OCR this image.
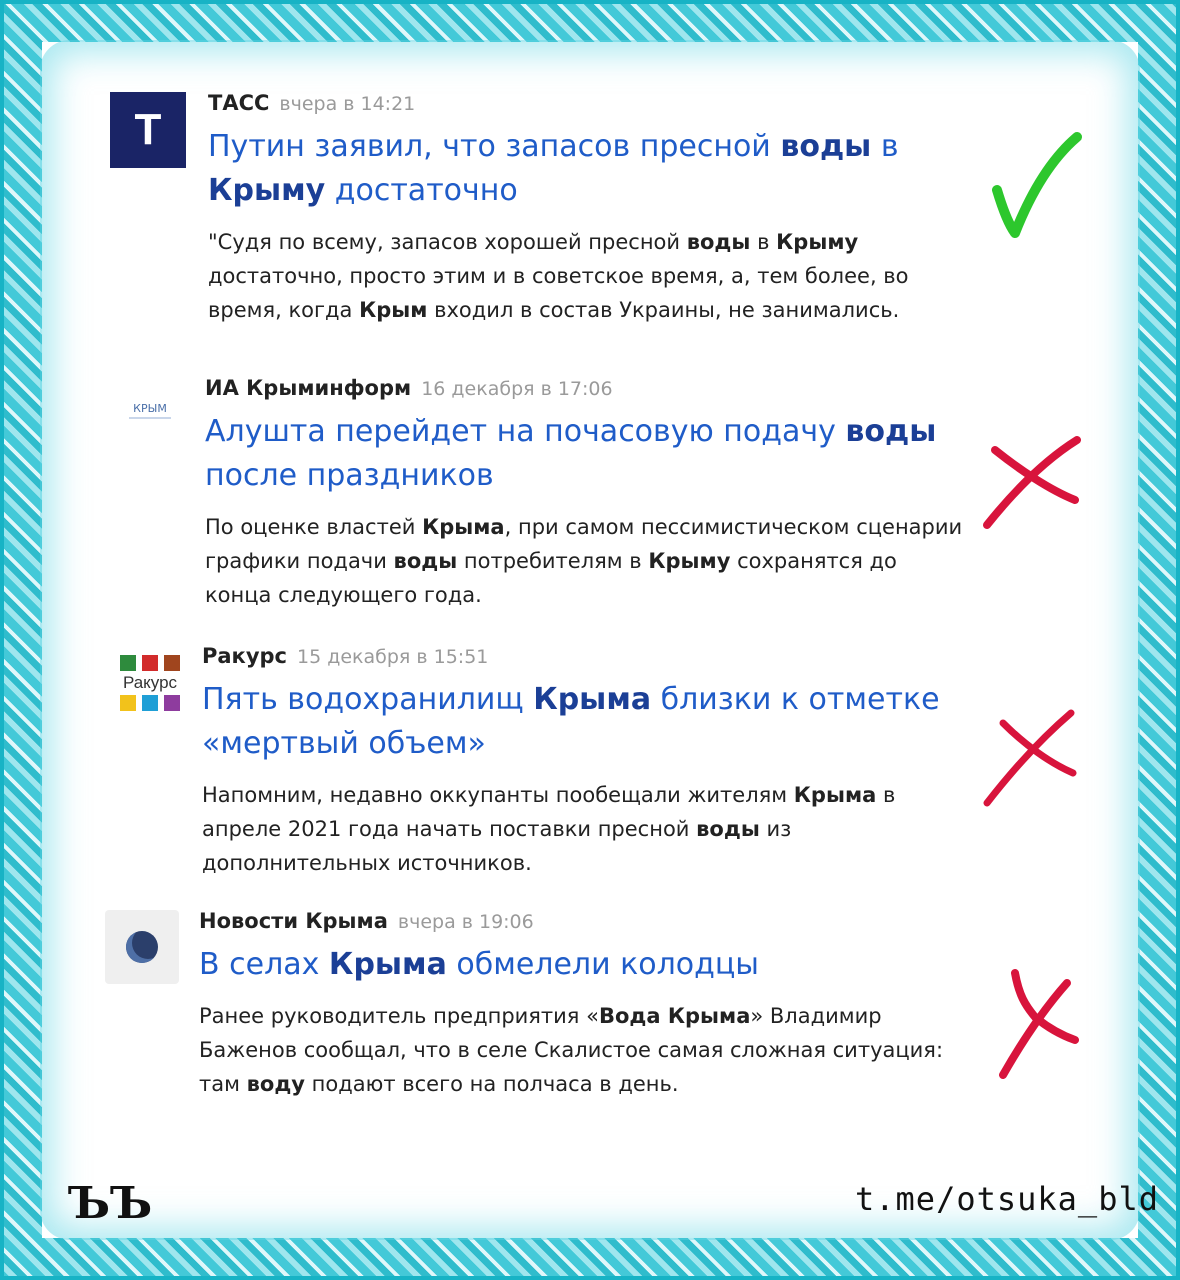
Т
ТАСС вчера в 14:21
Путин заявил, что запасов пресной воды в Крыму достаточно
"Судя по всему, запасов хорошей пресной воды в Крыму достаточно, просто этим и в советское время, а, тем более, во время, когда Крым входил в состав Украины, не занимались.
КРЫМ
ИА Крыминформ 16 декабря в 17:06
Алушта перейдет на почасовую подачу воды после праздников
По оценке властей Крыма, при самом пессимистическом сценарии графики подачи воды потребителям в Крыму сохранятся до конца следующего года.
Ракурс
Ракурс 15 декабря в 15:51
Пять водохранилищ Крыма близки к отметке «мертвый объем»
Напомним, недавно оккупанты пообещали жителям Крыма в апреле 2021 года начать поставки пресной воды из дополнительных источников.
Новости Крыма вчера в 19:06
В селах Крыма обмелели колодцы
Ранее руководитель предприятия «Вода Крыма» Владимир Баженов сообщал, что в селе Скалистое самая сложная ситуация: там воду подают всего на полчаса в день.
ЪЪ	t.me/otsuka_bld
